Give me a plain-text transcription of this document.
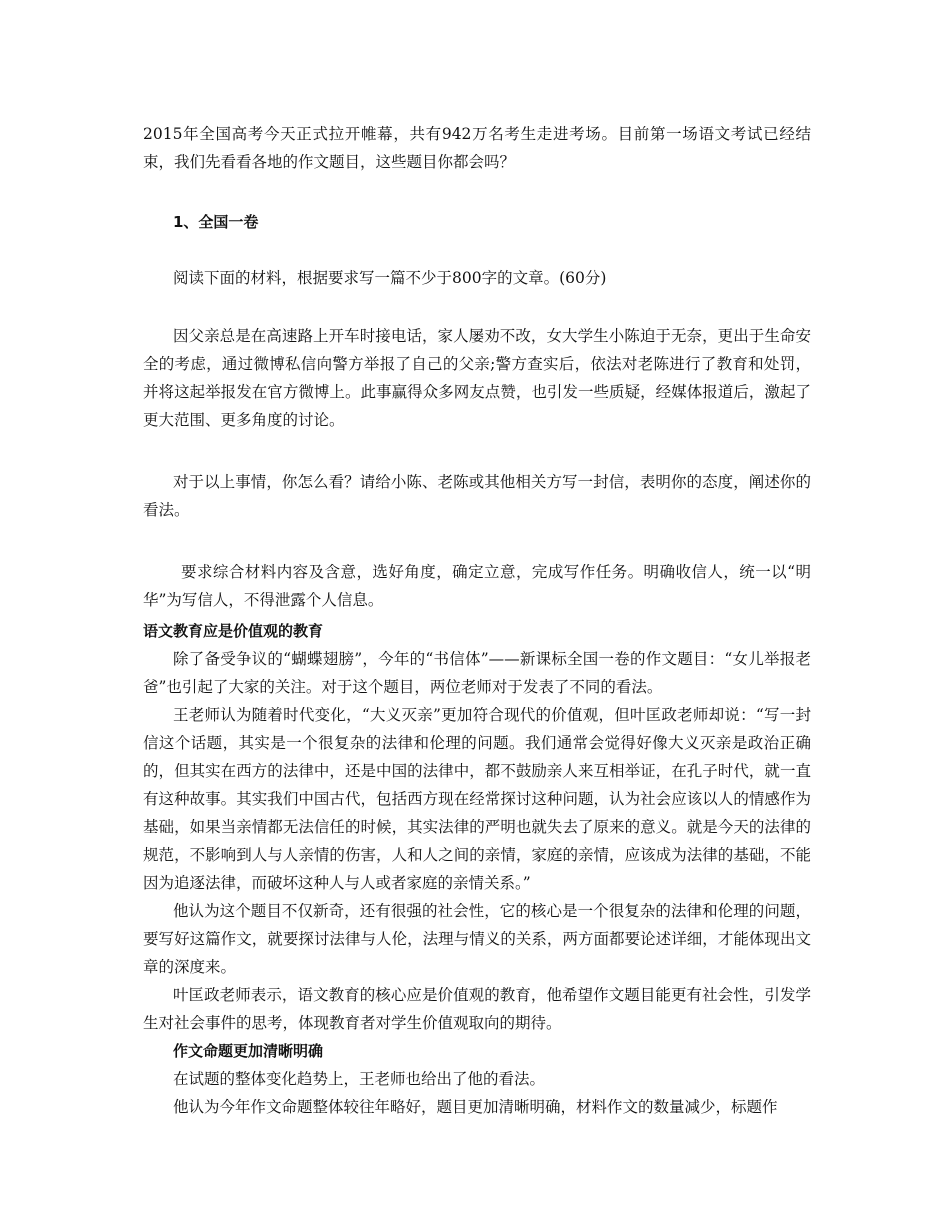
2015年全国高考今天正式拉开帷幕，共有942万名考生走进考场。目前第一场语文考试已经结束，我们先看看各地的作文题目，这些题目你都会吗？

1、全国一卷

阅读下面的材料，根据要求写一篇不少于800字的文章。(60分)

因父亲总是在高速路上开车时接电话，家人屡劝不改，女大学生小陈迫于无奈，更出于生命安全的考虑，通过微博私信向警方举报了自己的父亲;警方查实后，依法对老陈进行了教育和处罚，并将这起举报发在官方微博上。此事赢得众多网友点赞，也引发一些质疑，经媒体报道后，激起了更大范围、更多角度的讨论。

对于以上事情，你怎么看？请给小陈、老陈或其他相关方写一封信，表明你的态度，阐述你的看法。

要求综合材料内容及含意，选好角度，确定立意，完成写作任务。明确收信人，统一以“明华”为写信人，不得泄露个人信息。

语文教育应是价值观的教育

除了备受争议的“蝴蝶翅膀”，今年的“书信体”——新课标全国一卷的作文题目：“女儿举报老爸”也引起了大家的关注。对于这个题目，两位老师对于发表了不同的看法。

王老师认为随着时代变化，“大义灭亲”更加符合现代的价值观，但叶匡政老师却说：“写一封信这个话题，其实是一个很复杂的法律和伦理的问题。我们通常会觉得好像大义灭亲是政治正确的，但其实在西方的法律中，还是中国的法律中，都不鼓励亲人来互相举证，在孔子时代，就一直有这种故事。其实我们中国古代，包括西方现在经常探讨这种问题，认为社会应该以人的情感作为基础，如果当亲情都无法信任的时候，其实法律的严明也就失去了原来的意义。就是今天的法律的规范，不影响到人与人亲情的伤害，人和人之间的亲情，家庭的亲情，应该成为法律的基础，不能因为追逐法律，而破坏这种人与人或者家庭的亲情关系。”

他认为这个题目不仅新奇，还有很强的社会性，它的核心是一个很复杂的法律和伦理的问题，要写好这篇作文，就要探讨法律与人伦，法理与情义的关系，两方面都要论述详细，才能体现出文章的深度来。

叶匡政老师表示，语文教育的核心应是价值观的教育，他希望作文题目能更有社会性，引发学生对社会事件的思考，体现教育者对学生价值观取向的期待。

作文命题更加清晰明确

在试题的整体变化趋势上，王老师也给出了他的看法。

他认为今年作文命题整体较往年略好，题目更加清晰明确，材料作文的数量减少，标题作
